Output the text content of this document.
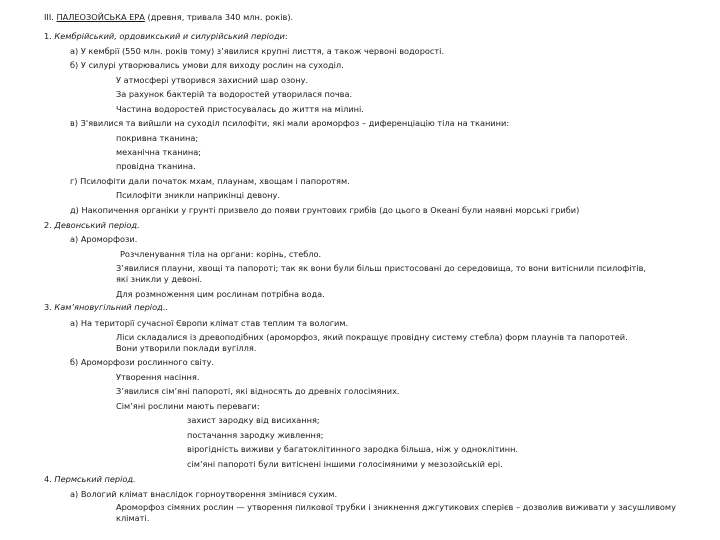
III. ПАЛЕОЗОЙСЬКА ЕРА (древня, тривала 340 млн. років).

1. Кембрійський, ордовикський и силурійський періоди:

а) У кембрії (550 млн. років тому) з’явилися крупні лисття, а також червоні водорості.

б) У силурі утворювались умови для виходу рослин на суходіл.

У атмосфері утворився захисний шар озону.

За рахунок бактерій та водоростей утворилася почва.

Частина водоростей пристосувалась до життя на мілині.

в) З'явилися та вийшли на суходіл псилофіти, які мали ароморфоз – диференціацію тіла на тканини:

покривна тканина;

механічна тканина;

провідна тканина.

г) Псилофіти дали початок мхам, плаунам, хвощам і папоротям.

Псилофіти зникли наприкінці девону.

д) Накопичення органіки у грунті призвело до появи грунтових грибів (до цього в Океані були наявні морські гриби)

2. Девонський період.

а) Ароморфози.

Розчленування тіла на органи: корінь, стебло.

З’явилися плауни, хвощі та папороті; так як вони були більш пристосовані до середовища, то вони витіснили псилофітів, які зникли у девоні.

Для розмноження цим рослинам потрібна вода.

3. Кам’яновугільний період..

а) На території сучасної Європи клімат став теплим та вологим.

Ліси складалися із древоподібних (ароморфоз, який покращує провідну систему стебла) форм плаунів та папоротей. Вони утворили поклади вугілля.

б) Ароморфози рослинного світу.

Утворення насіння.

З’явилися сім’яні папороті, які відносять до древніх голосімяних.

Сім’яні рослини мають переваги:

захист зародку від висихання;

постачання зародку живлення;

вірогідність виживи у багатоклітинного зародка більша, ніж у одноклітинн.

сім’яні папороті були витіснені іншими голосімяними у мезозойській ері.

4. Пермський період.

а) Вологий клімат внаслідок горноутворення змінився сухим.

Ароморфоз сімяних рослин — утворення пилкової трубки і зникнення джгутикових сперієв – дозволив виживати у засушливому кліматі.
